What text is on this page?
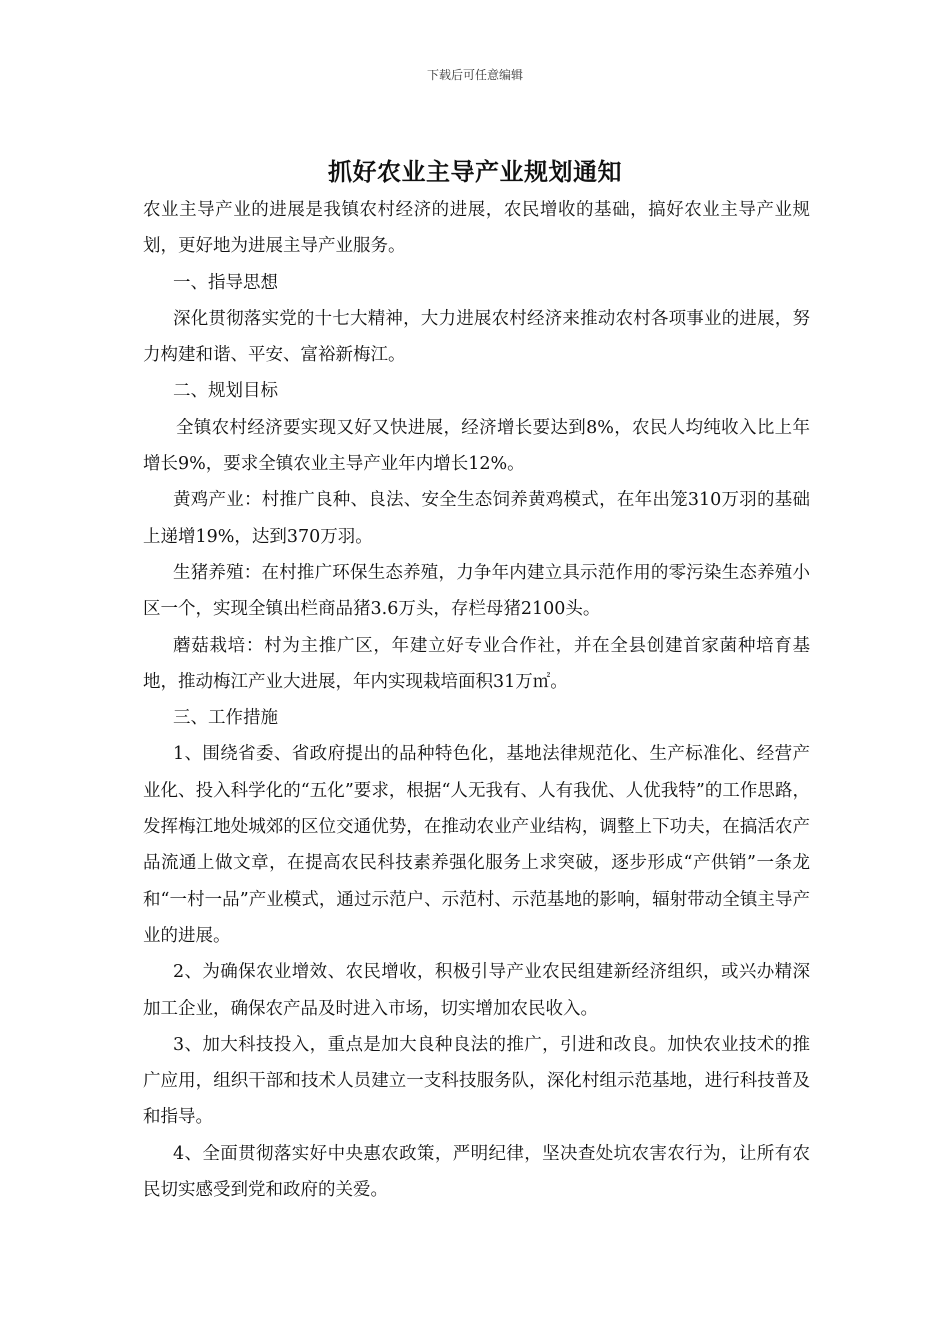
下载后可任意编辑
抓好农业主导产业规划通知

农业主导产业的进展是我镇农村经济的进展，农民增收的基础，搞好农业主导产业规划，更好地为进展主导产业服务。

一、指导思想

深化贯彻落实党的十七大精神，大力进展农村经济来推动农村各项事业的进展，努力构建和谐、平安、富裕新梅江。

二、规划目标

全镇农村经济要实现又好又快进展，经济增长要达到8%，农民人均纯收入比上年增长9%，要求全镇农业主导产业年内增长12%。

黄鸡产业：村推广良种、良法、安全生态饲养黄鸡模式，在年出笼310万羽的基础上递增19%，达到370万羽。

生猪养殖：在村推广环保生态养殖，力争年内建立具示范作用的零污染生态养殖小区一个，实现全镇出栏商品猪3.6万头，存栏母猪2100头。

蘑菇栽培：村为主推广区，年建立好专业合作社，并在全县创建首家菌种培育基地，推动梅江产业大进展，年内实现栽培面积31万㎡。

三、工作措施

1、围绕省委、省政府提出的品种特色化，基地法律规范化、生产标准化、经营产业化、投入科学化的“五化”要求，根据“人无我有、人有我优、人优我特”的工作思路，发挥梅江地处城郊的区位交通优势，在推动农业产业结构，调整上下功夫，在搞活农产品流通上做文章，在提高农民科技素养强化服务上求突破，逐步形成“产供销”一条龙和“一村一品”产业模式，通过示范户、示范村、示范基地的影响，辐射带动全镇主导产业的进展。

2、为确保农业增效、农民增收，积极引导产业农民组建新经济组织，或兴办精深加工企业，确保农产品及时进入市场，切实增加农民收入。

3、加大科技投入，重点是加大良种良法的推广，引进和改良。加快农业技术的推广应用，组织干部和技术人员建立一支科技服务队，深化村组示范基地，进行科技普及和指导。

4、全面贯彻落实好中央惠农政策，严明纪律，坚决查处坑农害农行为，让所有农民切实感受到党和政府的关爱。
